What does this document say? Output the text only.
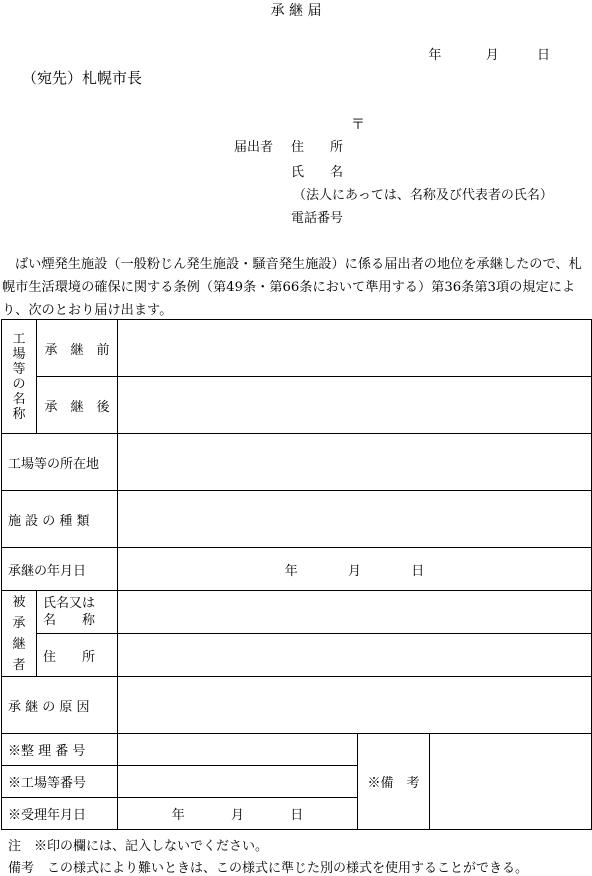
承 継 届
年	月	日
（宛先）札幌市長
〒
届出者 住　　所
氏　　名
（法人にあっては、名称及び代表者の氏名）
電話番号
ばい煙発生施設（一般粉じん発生施設・騒音発生施設）に係る届出者の地位を承継したので、札幌市生活環境の確保に関する条例（第49条・第66条において準用する）第36条第3項の規定により、次のとおり届け出ます。
工場等の名称	承　継　前			
	承　継　後			
工場等の所在地				
施 設 の 種 類				
承継の年月日		年 月 日		

被承継者	氏名又は
名　　称			

	住　　所			
承 継 の 原 因				
※整 理 番 号			※備　考	
※工場等番号				
※受理年月日		年 月 日		
注　※印の欄には、記入しないでください。
備考　この様式により難いときは、この様式に準じた別の様式を使用することができる。
